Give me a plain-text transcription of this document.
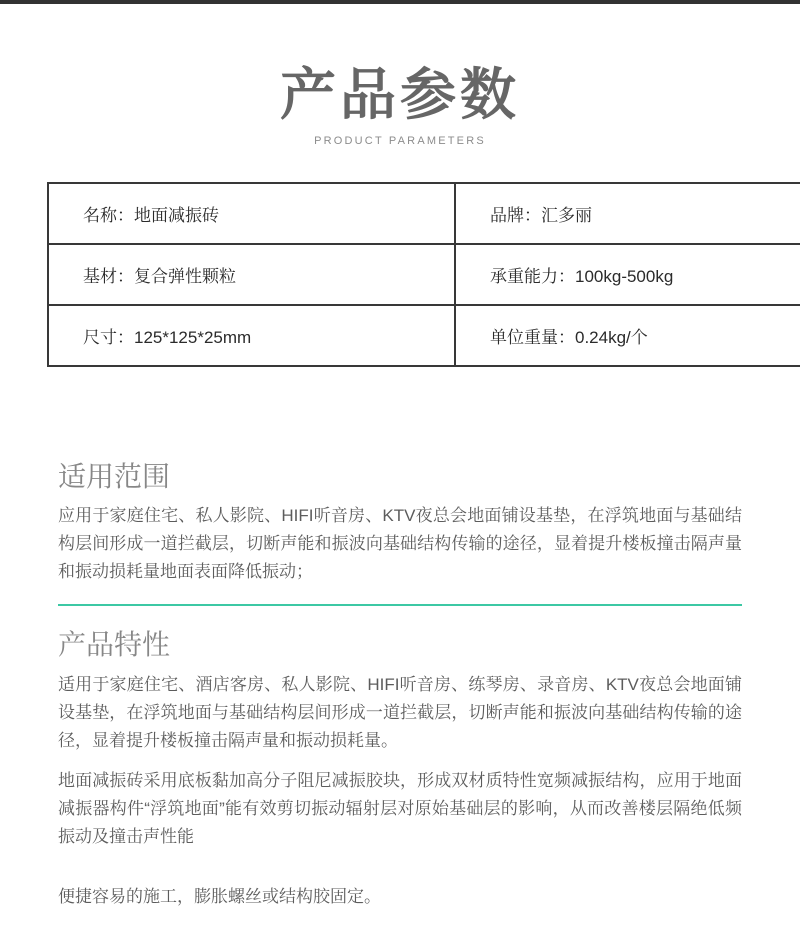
产品参数
PRODUCT PARAMETERS
名称：地面减振砖	品牌：汇多丽
基材：复合弹性颗粒	承重能力：100kg-500kg
尺寸：125*125*25mm	单位重量：0.24kg/个
适用范围

应用于家庭住宅、私人影院、HIFI听音房、KTV夜总会地面铺设基垫，在浮筑地面与基础结构层间形成一道拦截层，切断声能和振波向基础结构传输的途径，显着提升楼板撞击隔声量和振动损耗量地面表面降低振动；

产品特性

适用于家庭住宅、酒店客房、私人影院、HIFI听音房、练琴房、录音房、KTV夜总会地面铺设基垫，在浮筑地面与基础结构层间形成一道拦截层，切断声能和振波向基础结构传输的途径，显着提升楼板撞击隔声量和振动损耗量。

地面减振砖采用底板黏加高分子阻尼减振胶块，形成双材质特性宽频减振结构，应用于地面减振器构件“浮筑地面”能有效剪切振动辐射层对原始基础层的影响，从而改善楼层隔绝低频振动及撞击声性能

便捷容易的施工，膨胀螺丝或结构胶固定。
